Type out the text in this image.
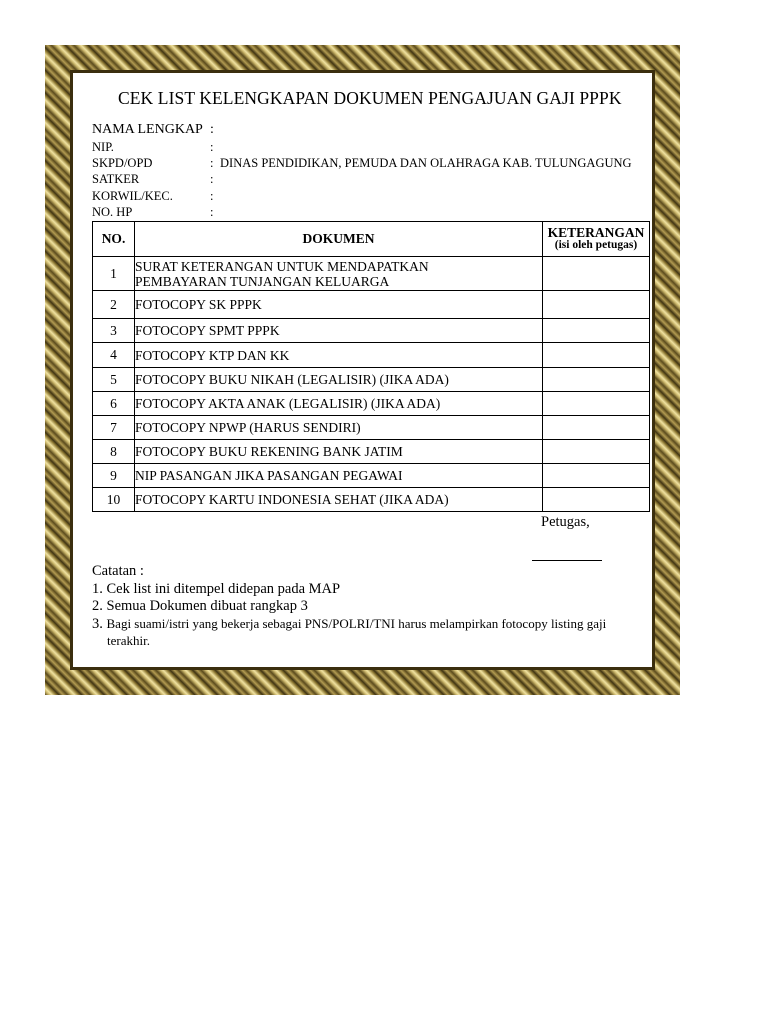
CEK LIST KELENGKAPAN DOKUMEN PENGAJUAN GAJI PPPK
NAMA LENGKAP :
NIP.	:
SKPD/OPD	: DINAS PENDIDIKAN, PEMUDA DAN OLAHRAGA KAB. TULUNGAGUNG
SATKER	:
KORWIL/KEC.	:
NO. HP	:
NO.	DOKUMEN	KETERANGAN
(isi oleh petugas)

1	SURAT KETERANGAN UNTUK MENDAPATKAN
PEMBAYARAN TUNJANGAN KELUARGA	

2	FOTOCOPY SK PPPK	
3	FOTOCOPY SPMT PPPK	
4	FOTOCOPY KTP DAN KK	
5	FOTOCOPY BUKU NIKAH (LEGALISIR) (JIKA ADA)	
6	FOTOCOPY AKTA ANAK (LEGALISIR) (JIKA ADA)	
7	FOTOCOPY NPWP (HARUS SENDIRI)	
8	FOTOCOPY BUKU REKENING BANK JATIM	
9	NIP PASANGAN JIKA PASANGAN PEGAWAI	
10	FOTOCOPY KARTU INDONESIA SEHAT (JIKA ADA)	
Petugas,
Catatan :
1. Cek list ini ditempel didepan pada MAP
2. Semua Dokumen dibuat rangkap 3
3. Bagi suami/istri yang bekerja sebagai PNS/POLRI/TNI harus melampirkan fotocopy listing gaji
terakhir.
